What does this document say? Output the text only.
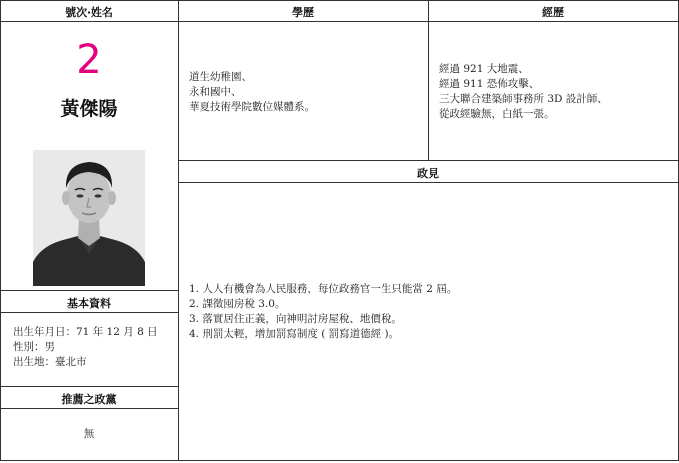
號次‧姓名	學歷	經歷
政見
基本資料
推薦之政黨
2
黃傑陽
道生幼稚園、
永和國中、
華夏技術學院數位媒體系。
經過 921 大地震、
經過 911 恐佈攻擊、
三大聯合建築師事務所 3D 設計師、
從政經驗無，白紙一張。
1. 人人有機會為人民服務，每位政務官一生只能當 2 屆。
2. 課徵囤房稅 3.0。
3. 落實居住正義，向神明討房屋稅、地價稅。
4. 刑罰太輕，增加罰寫制度 ( 罰寫道德經 )。
出生年月日：71 年 12 月 8 日
性別：男
出生地：臺北市
無
